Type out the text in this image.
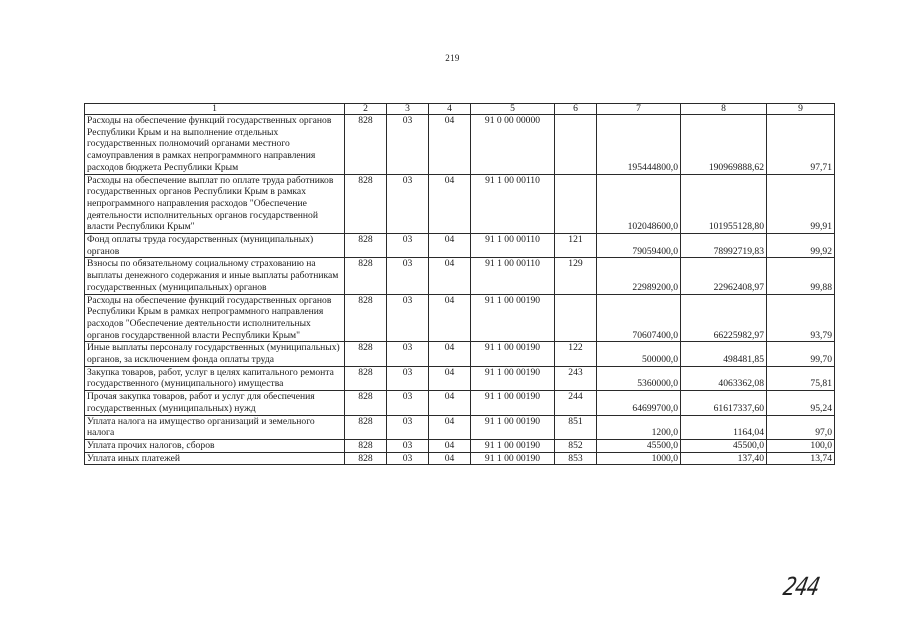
219
1	2	3	4	5	6	7	8	9
Расходы на обеспечение функций государственных органов Республики Крым и на выполнение отдельных государственных полномочий органами местного самоуправления в рамках непрограммного направления расходов бюджета Республики Крым	828	03	04	91 0 00 00000		195444800,0	190969888,62	97,71
Расходы на обеспечение выплат по оплате труда работников государственных органов Республики Крым в рамках непрограммного направления расходов "Обеспечение деятельности исполнительных органов государственной власти Республики Крым"	828	03	04	91 1 00 00110		102048600,0	101955128,80	99,91
Фонд оплаты труда государственных (муниципальных) органов	828	03	04	91 1 00 00110	121	79059400,0	78992719,83	99,92
Взносы по обязательному социальному страхованию на выплаты денежного содержания и иные выплаты работникам государственных (муниципальных) органов	828	03	04	91 1 00 00110	129	22989200,0	22962408,97	99,88
Расходы на обеспечение функций государственных органов Республики Крым в рамках непрограммного направления расходов "Обеспечение деятельности исполнительных органов государственной власти Республики Крым"	828	03	04	91 1 00 00190		70607400,0	66225982,97	93,79
Иные выплаты персоналу государственных (муниципальных) органов, за исключением фонда оплаты труда	828	03	04	91 1 00 00190	122	500000,0	498481,85	99,70
Закупка товаров, работ, услуг в целях капитального ремонта государственного (муниципального) имущества	828	03	04	91 1 00 00190	243	5360000,0	4063362,08	75,81
Прочая закупка товаров, работ и услуг для обеспечения государственных (муниципальных) нужд	828	03	04	91 1 00 00190	244	64699700,0	61617337,60	95,24
Уплата налога на имущество организаций и земельного налога	828	03	04	91 1 00 00190	851	1200,0	1164,04	97,0
Уплата прочих налогов, сборов	828	03	04	91 1 00 00190	852	45500,0	45500,0	100,0
Уплата иных платежей	828	03	04	91 1 00 00190	853	1000,0	137,40	13,74
244
